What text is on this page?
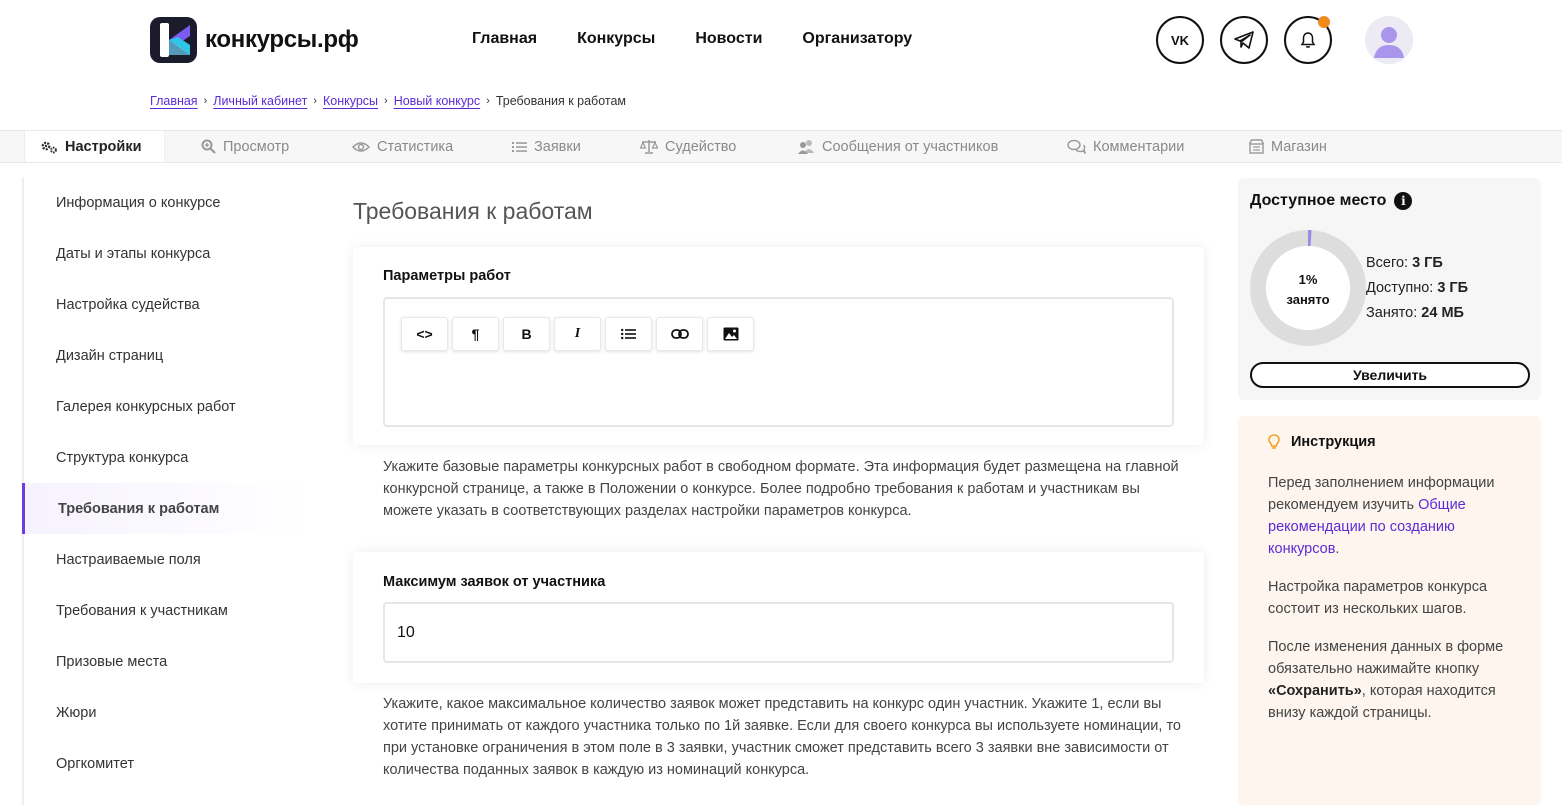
конкурсы.рф	Главная	Конкурсы	Новости	Организатору	VK
Главная › Личный кабинет › Конкурсы › Новый конкурс › Требования к работам
Настройки	Просмотр	Статистика	Заявки	Судейство	Сообщения от участников	Комментарии	Магазин
Информация о конкурсе
Даты и этапы конкурса
Настройка судейства
Дизайн страниц
Галерея конкурсных работ
Структура конкурса
Требования к работам
Настраиваемые поля
Требования к участникам
Призовые места
Жюри
Оргкомитет
Требования к работам
Параметры работ
<>	¶	B	I
Укажите базовые параметры конкурсных работ в свободном формате. Эта информация будет размещена на главной конкурсной странице, а также в Положении о конкурсе. Более подробно требования к работам и участникам вы можете указать в соответствующих разделах настройки параметров конкурса.
Максимум заявок от участника
10
Укажите, какое максимальное количество заявок может представить на конкурс один участник. Укажите 1, если вы хотите принимать от каждого участника только по 1й заявке. Если для своего конкурса вы используете номинации, то при установке ограничения в этом поле в 3 заявки, участник сможет представить всего 3 заявки вне зависимости от количества поданных заявок в каждую из номинаций конкурса.
Доступное место	i
1%
занято
Всего: 3 ГБ
Доступно: 3 ГБ
Занято: 24 МБ
Увеличить
Инструкция

Перед заполнением информации рекомендуем изучить Общие рекомендации по созданию конкурсов.

Настройка параметров конкурса состоит из нескольких шагов.

После изменения данных в форме обязательно нажимайте кнопку «Сохранить», которая находится внизу каждой страницы.
